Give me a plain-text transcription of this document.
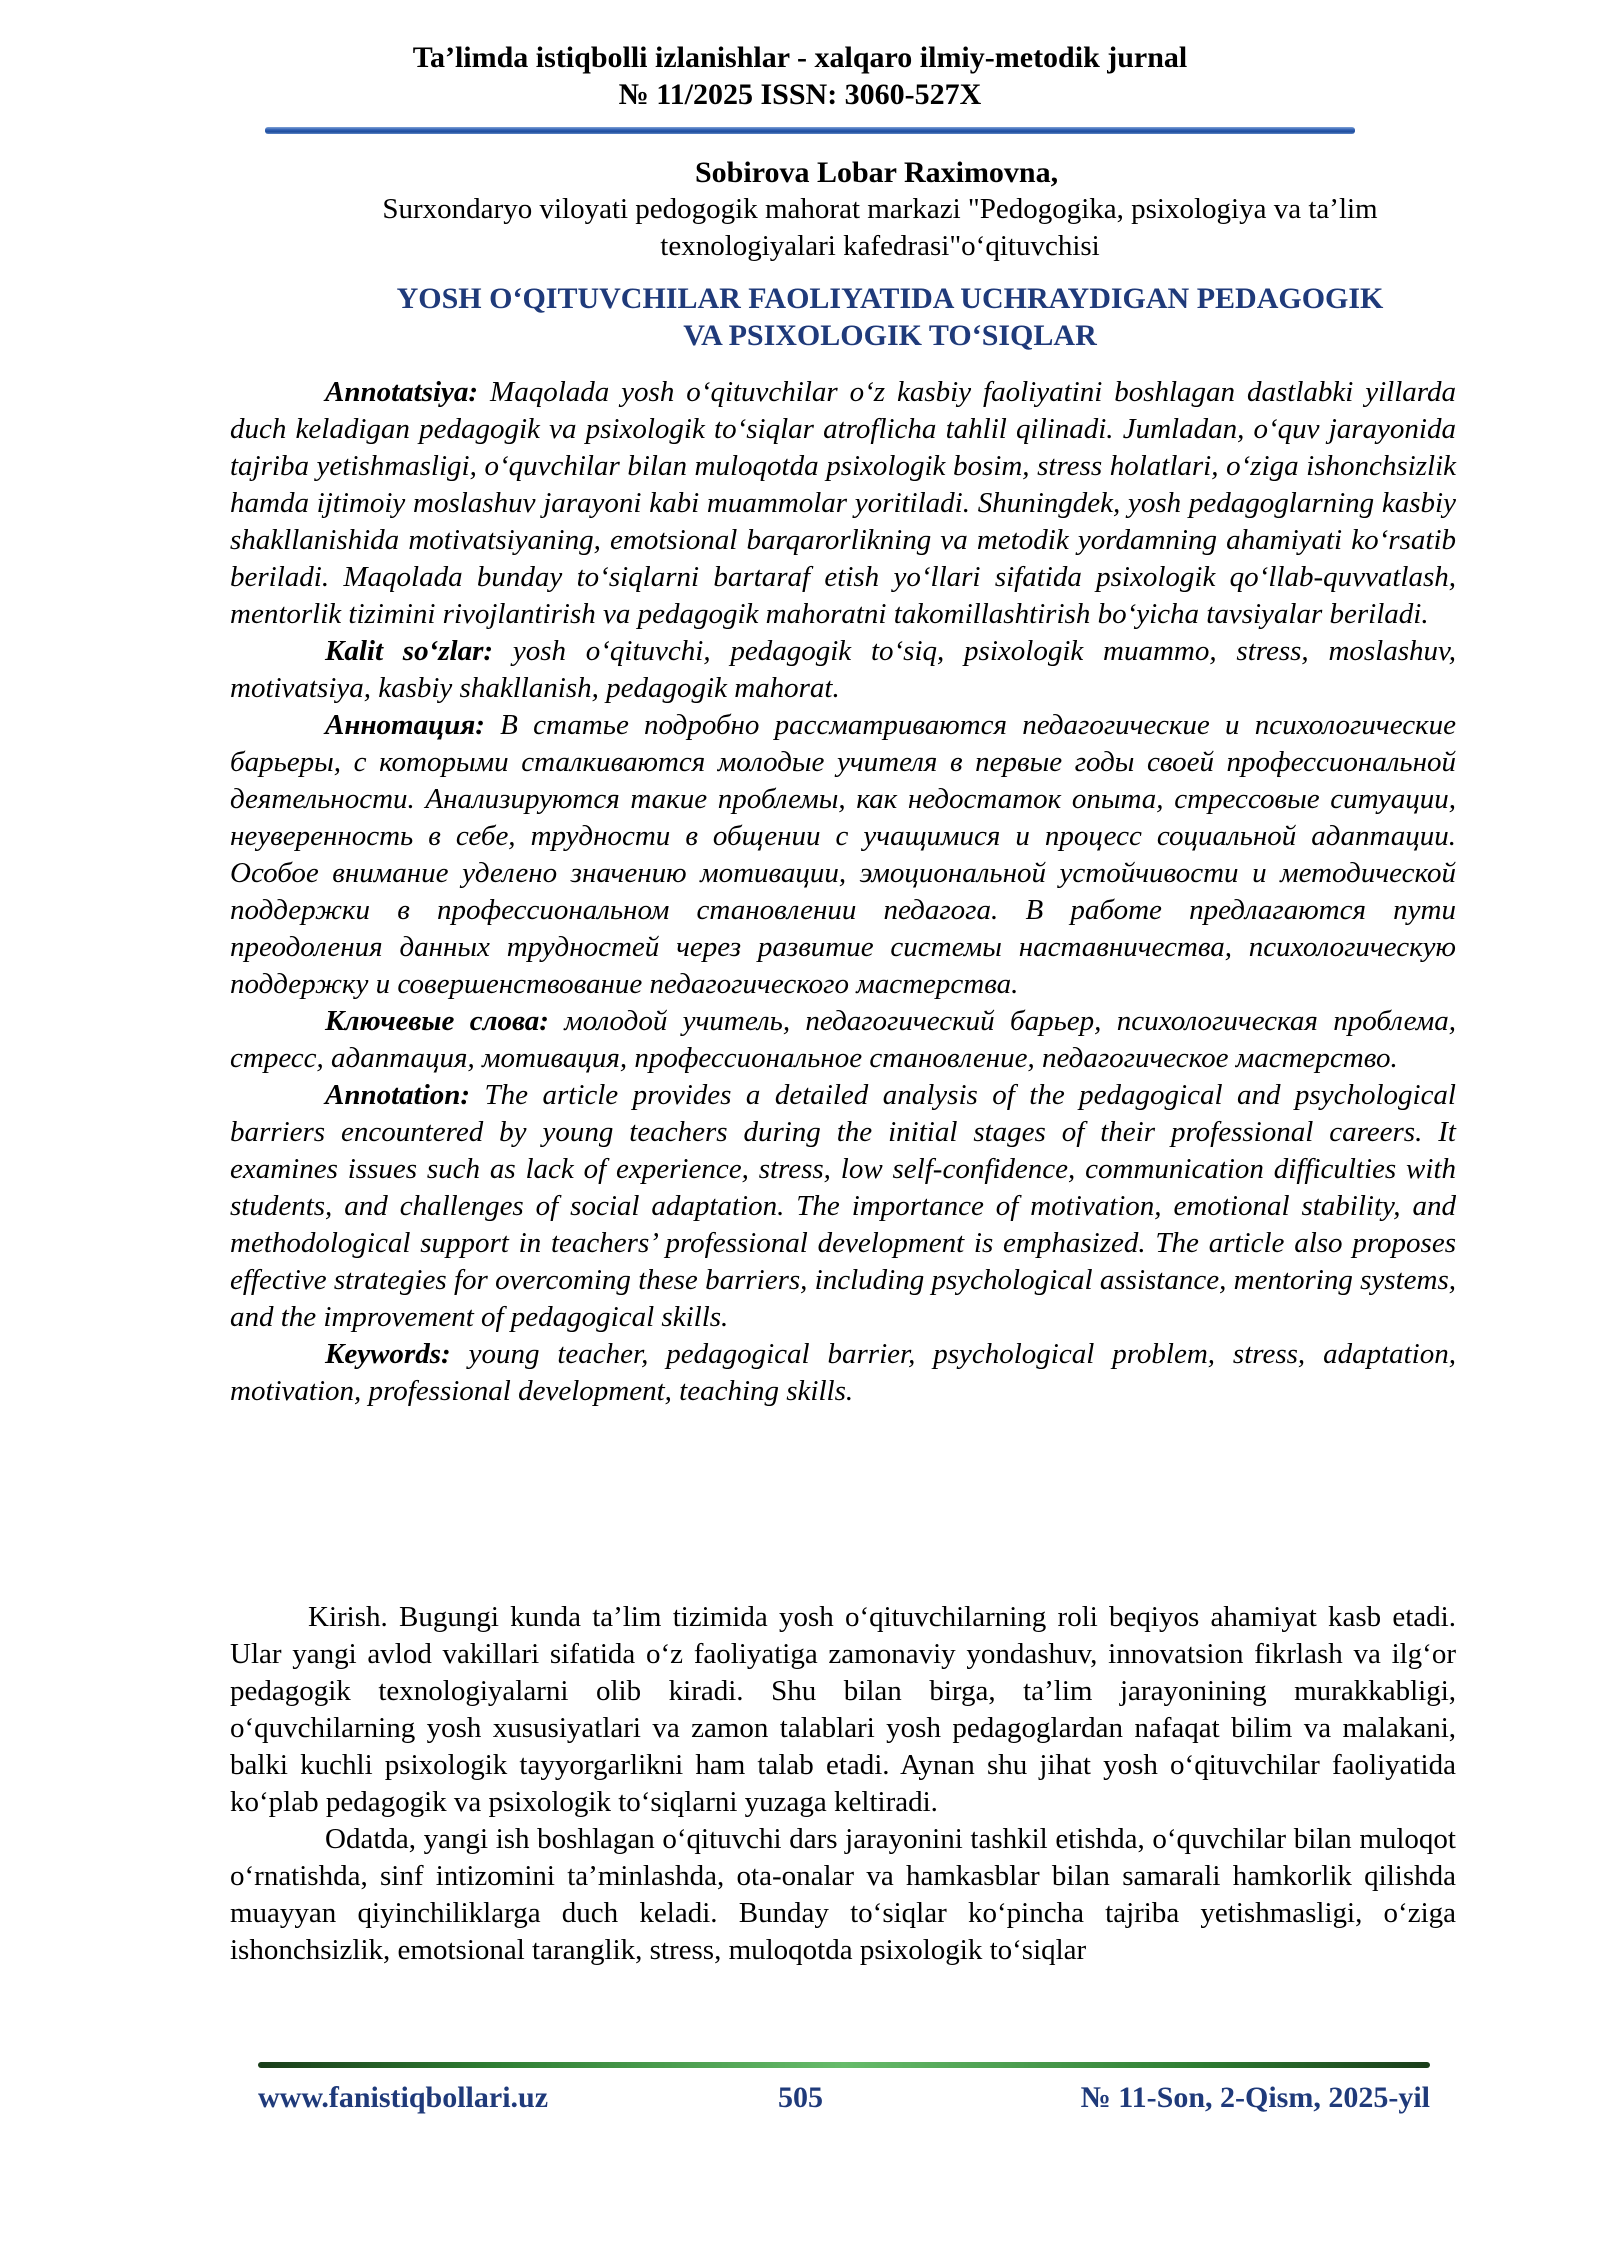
Ta’limda istiqbolli izlanishlar - xalqaro ilmiy-metodik jurnal
№ 11/2025 ISSN: 3060-527X
Sobirova Lobar Raximovna,
Surxondaryo viloyati pedogogik mahorat markazi "Pedogogika, psixologiya va ta’lim
texnologiyalari kafedrasi"o‘qituvchisi
YOSH O‘QITUVCHILAR FAOLIYATIDA UCHRAYDIGAN PEDAGOGIK
VA PSIXOLOGIK TO‘SIQLAR

Annotatsiya: Maqolada yosh o‘qituvchilar o‘z kasbiy faoliyatini boshlagan dastlabki yillarda duch keladigan pedagogik va psixologik to‘siqlar atroflicha tahlil qilinadi. Jumladan, o‘quv jarayonida tajriba yetishmasligi, o‘quvchilar bilan muloqotda psixologik bosim, stress holatlari, o‘ziga ishonchsizlik hamda ijtimoiy moslashuv jarayoni kabi muammolar yoritiladi. Shuningdek, yosh pedagoglarning kasbiy shakllanishida motivatsiyaning, emotsional barqarorlikning va metodik yordamning ahamiyati ko‘rsatib beriladi. Maqolada bunday to‘siqlarni bartaraf etish yo‘llari sifatida psixologik qo‘llab-quvvatlash, mentorlik tizimini rivojlantirish va pedagogik mahoratni takomillashtirish bo‘yicha tavsiyalar beriladi.

Kalit so‘zlar: yosh o‘qituvchi, pedagogik to‘siq, psixologik muammo, stress, moslashuv, motivatsiya, kasbiy shakllanish, pedagogik mahorat.

Аннотация: В статье подробно рассматриваются педагогические и психологические барьеры, с которыми сталкиваются молодые учителя в первые годы своей профессиональной деятельности. Анализируются такие проблемы, как недостаток опыта, стрессовые ситуации, неуверенность в себе, трудности в общении с учащимися и процесс социальной адаптации. Особое внимание уделено значению мотивации, эмоциональной устойчивости и методической поддержки в профессиональном становлении педагога. В работе предлагаются пути преодоления данных трудностей через развитие системы наставничества, психологическую поддержку и совершенствование педагогического мастерства.

Ключевые слова: молодой учитель, педагогический барьер, психологическая проблема, стресс, адаптация, мотивация, профессиональное становление, педагогическое мастерство.

Annotation: The article provides a detailed analysis of the pedagogical and psychological barriers encountered by young teachers during the initial stages of their professional careers. It examines issues such as lack of experience, stress, low self-confidence, communication difficulties with students, and challenges of social adaptation. The importance of motivation, emotional stability, and methodological support in teachers’ professional development is emphasized. The article also proposes effective strategies for overcoming these barriers, including psychological assistance, mentoring systems, and the improvement of pedagogical skills.

Keywords: young teacher, pedagogical barrier, psychological problem, stress, adaptation, motivation, professional development, teaching skills.

Kirish. Bugungi kunda ta’lim tizimida yosh o‘qituvchilarning roli beqiyos ahamiyat kasb etadi. Ular yangi avlod vakillari sifatida o‘z faoliyatiga zamonaviy yondashuv, innovatsion fikrlash va ilg‘or pedagogik texnologiyalarni olib kiradi. Shu bilan birga, ta’lim jarayonining murakkabligi, o‘quvchilarning yosh xususiyatlari va zamon talablari yosh pedagoglardan nafaqat bilim va malakani, balki kuchli psixologik tayyorgarlikni ham talab etadi. Aynan shu jihat yosh o‘qituvchilar faoliyatida ko‘plab pedagogik va psixologik to‘siqlarni yuzaga keltiradi.

Odatda, yangi ish boshlagan o‘qituvchi dars jarayonini tashkil etishda, o‘quvchilar bilan muloqot o‘rnatishda, sinf intizomini ta’minlashda, ota-onalar va hamkasblar bilan samarali hamkorlik qilishda muayyan qiyinchiliklarga duch keladi. Bunday to‘siqlar ko‘pincha tajriba yetishmasligi, o‘ziga ishonchsizlik, emotsional taranglik, stress, muloqotda psixologik to‘siqlar

www.fanistiqbollari.uz	505	№ 11-Son, 2-Qism, 2025-yil
